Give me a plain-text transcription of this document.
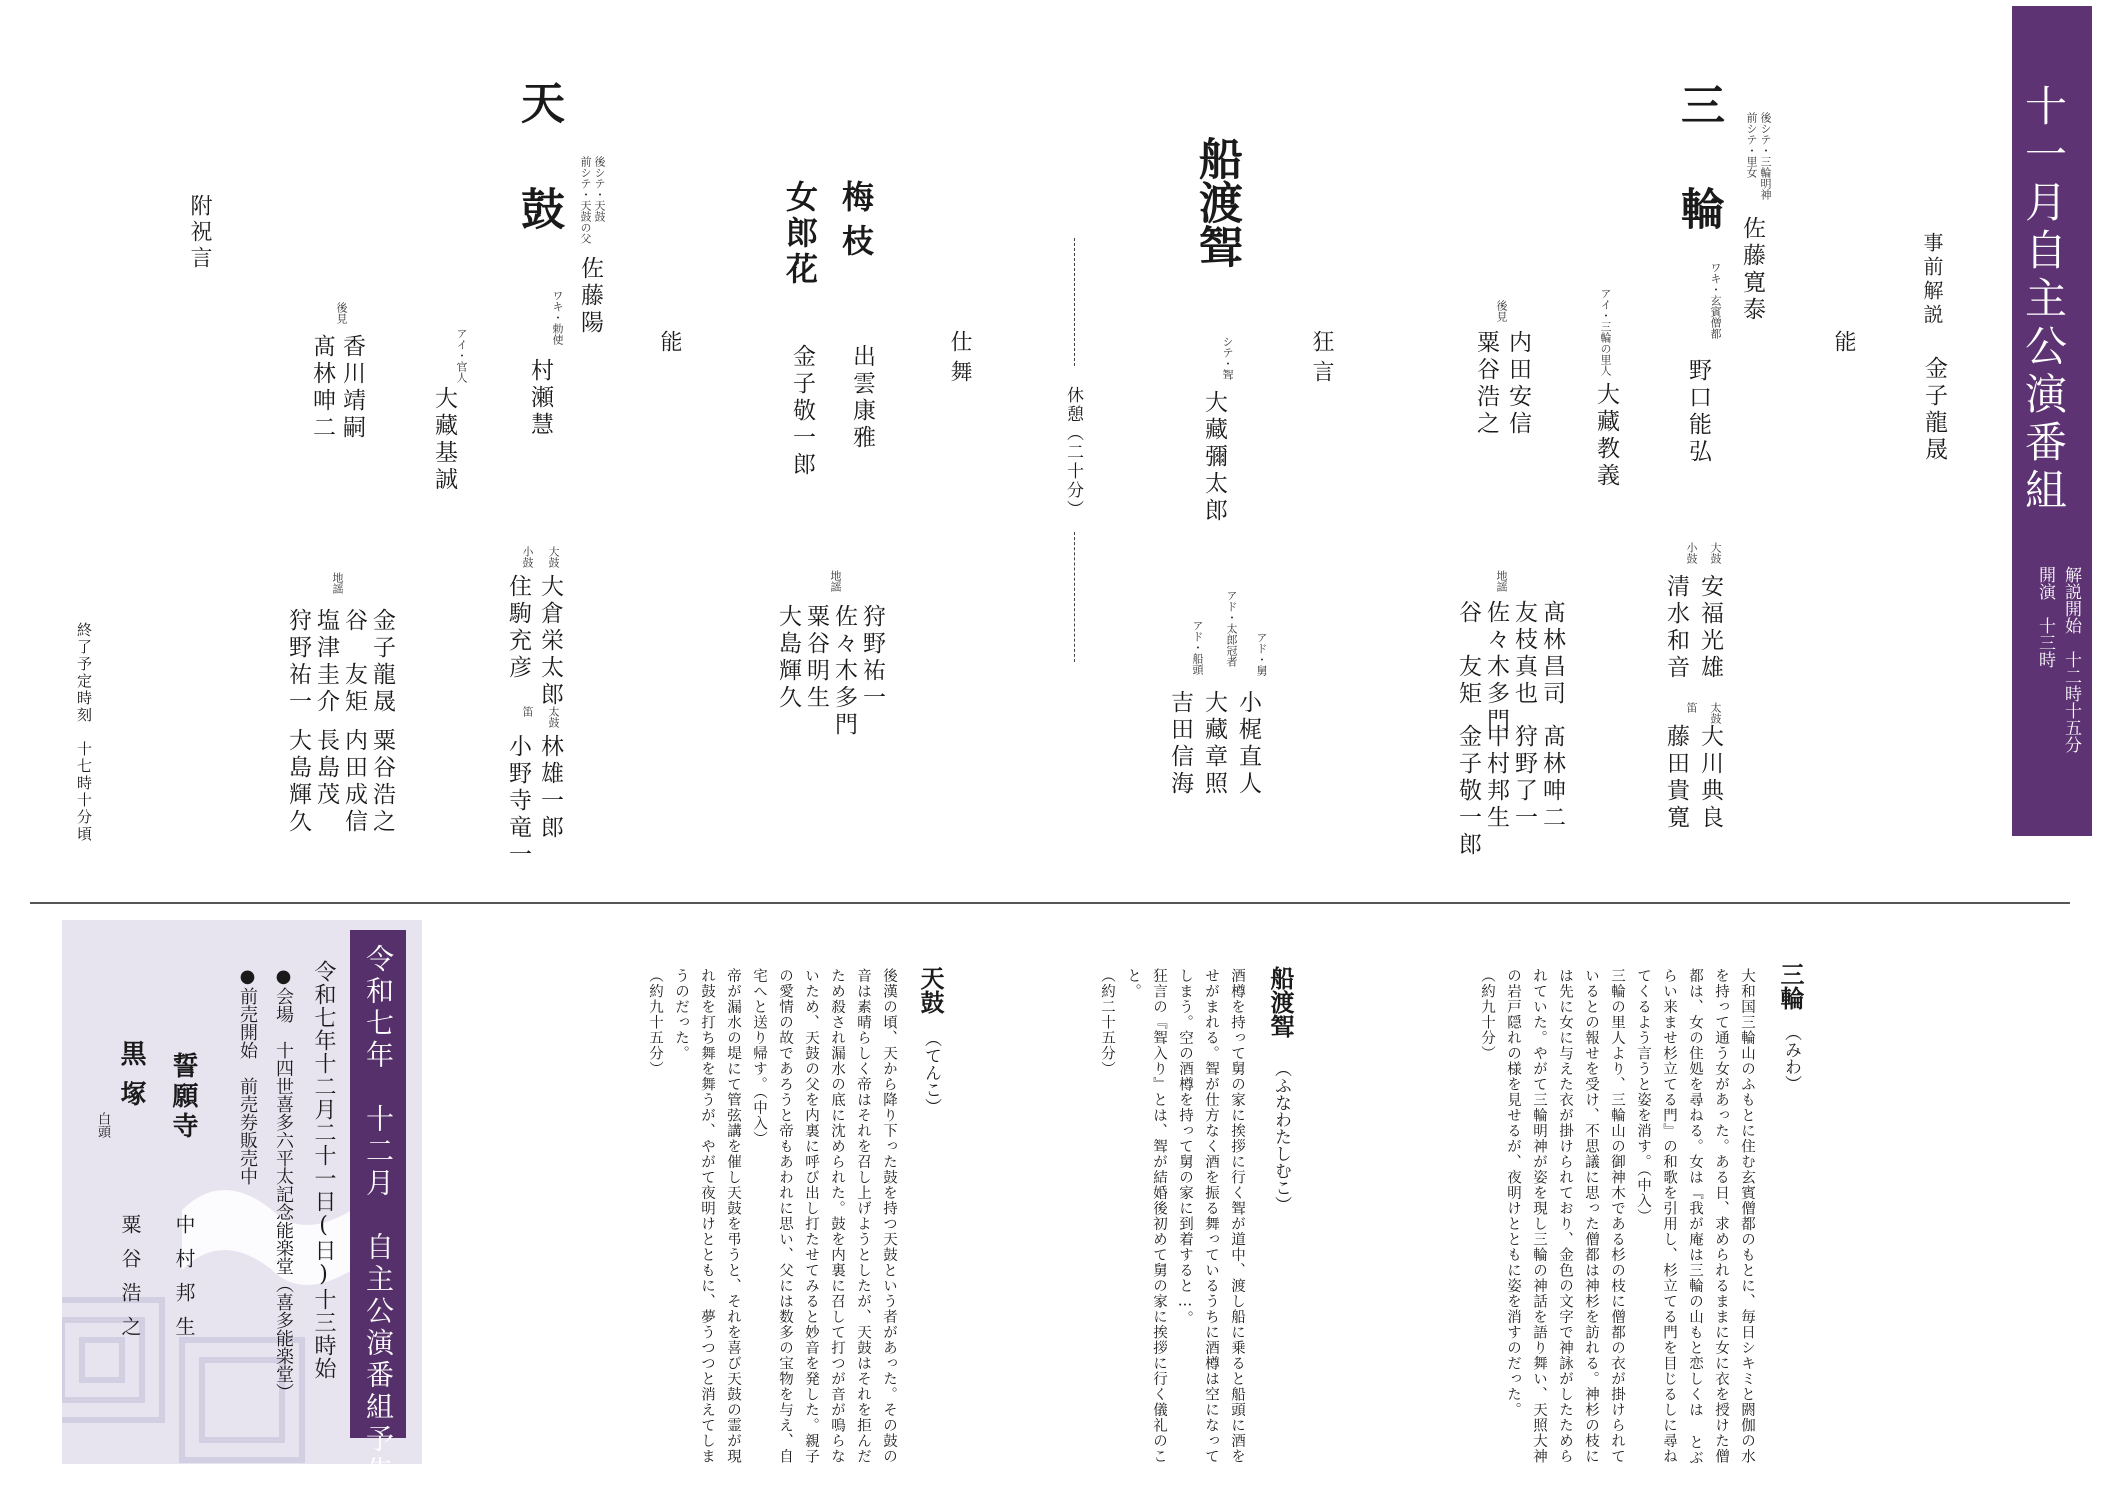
十一月自主公演番組
解説開始　十二時十五分
開演　十三時
事前解説
金子龍晟
能
三
輪
後シテ・三輪明神
前シテ・里女
佐藤寛泰
ワキ・玄賓僧都
野口能弘
アイ・三輪の里人
大藏教義
後見
内田安信
粟谷浩之
大鼓
安福光雄
小鼓
清水和音
太鼓
大川典良
笛
藤田貴寛
地謡
髙林昌司
友枝真也
佐々木多門
谷　友矩
髙林呻二
狩野了一
中村邦生
金子敬一郎
狂言
船渡聟
シテ・聟
大藏彌太郎
アド・舅
小梶直人
アド・太郎冠者
大藏章照
アド・船頭
吉田信海
休憩（二十分）
仕舞
梅枝
出雲康雅
女郎花
金子敬一郎
地謡
狩野祐一
佐々木多門
粟谷明生
大島輝久
能
天
鼓	後シテ・天鼓
前シテ・天鼓の父
佐藤陽
ワキ・勅使
村瀬慧
アイ・官人
大藏基誠
後見
香川靖嗣
髙林呻二
大鼓
大倉栄太郎
小鼓
住駒充彦
太鼓
林雄一郎
笛
小野寺竜一
地謡
金子龍晟
谷　友矩
塩津圭介
狩野祐一
粟谷浩之
内田成信
長島茂
大島輝久
附祝言
終了予定時刻　十七時十分頃
三輪
（みわ）

大和国三輪山のふもとに住む玄賓僧都のもとに、毎日シキミと閼伽の水を持って通う女があった。ある日、求められるままに女に衣を授けた僧都は、女の住処を尋ねる。女は『我が庵は三輪の山もと恋しくは とぶらい来ませ杉立てる門』の和歌を引用し、杉立てる門を目じるしに尋ねてくるよう言うと姿を消す。（中入）

三輪の里人より、三輪山の御神木である杉の枝に僧都の衣が掛けられているとの報せを受け、不思議に思った僧都は神杉を訪れる。神杉の枝には先に女に与えた衣が掛けられており、金色の文字で神詠がしたためられていた。やがて三輪明神が姿を現し三輪の神話を語り舞い、天照大神の岩戸隠れの様を見せるが、夜明けとともに姿を消すのだった。

（約九十分）

船渡聟
（ふなわたしむこ）

酒樽を持って舅の家に挨拶に行く聟が道中、渡し船に乗ると船頭に酒をせがまれる。聟が仕方なく酒を振る舞っているうちに酒樽は空になってしまう。空の酒樽を持って舅の家に到着すると…。

狂言の『聟入り』とは、聟が結婚後初めて舅の家に挨拶に行く儀礼のこと。

（約二十五分）

天鼓
（てんこ）

後漢の頃、天から降り下った鼓を持つ天鼓という者があった。その鼓の音は素晴らしく帝はそれを召し上げようとしたが、天鼓はそれを拒んだため殺され漏水の底に沈められた。鼓を内裏に召して打つが音が鳴らないため、天鼓の父を内裏に呼び出し打たせてみると妙音を発した。親子の愛情の故であろうと帝もあわれに思い、父には数多の宝物を与え、自宅へと送り帰す。（中入）

帝が漏水の堤にて管弦講を催し天鼓を弔うと、それを喜び天鼓の霊が現れ鼓を打ち舞を舞うが、やがて夜明けとともに、夢うつつと消えてしまうのだった。

（約九十五分）

令和七年　十二月　自主公演番組予告
令和七年十二月二十一日(日)十三時始
●会場　十四世喜多六平太記念能楽堂（喜多能楽堂）
●前売開始　前売券販売中
誓願寺
中村邦生
黒塚
白頭
粟谷浩之
